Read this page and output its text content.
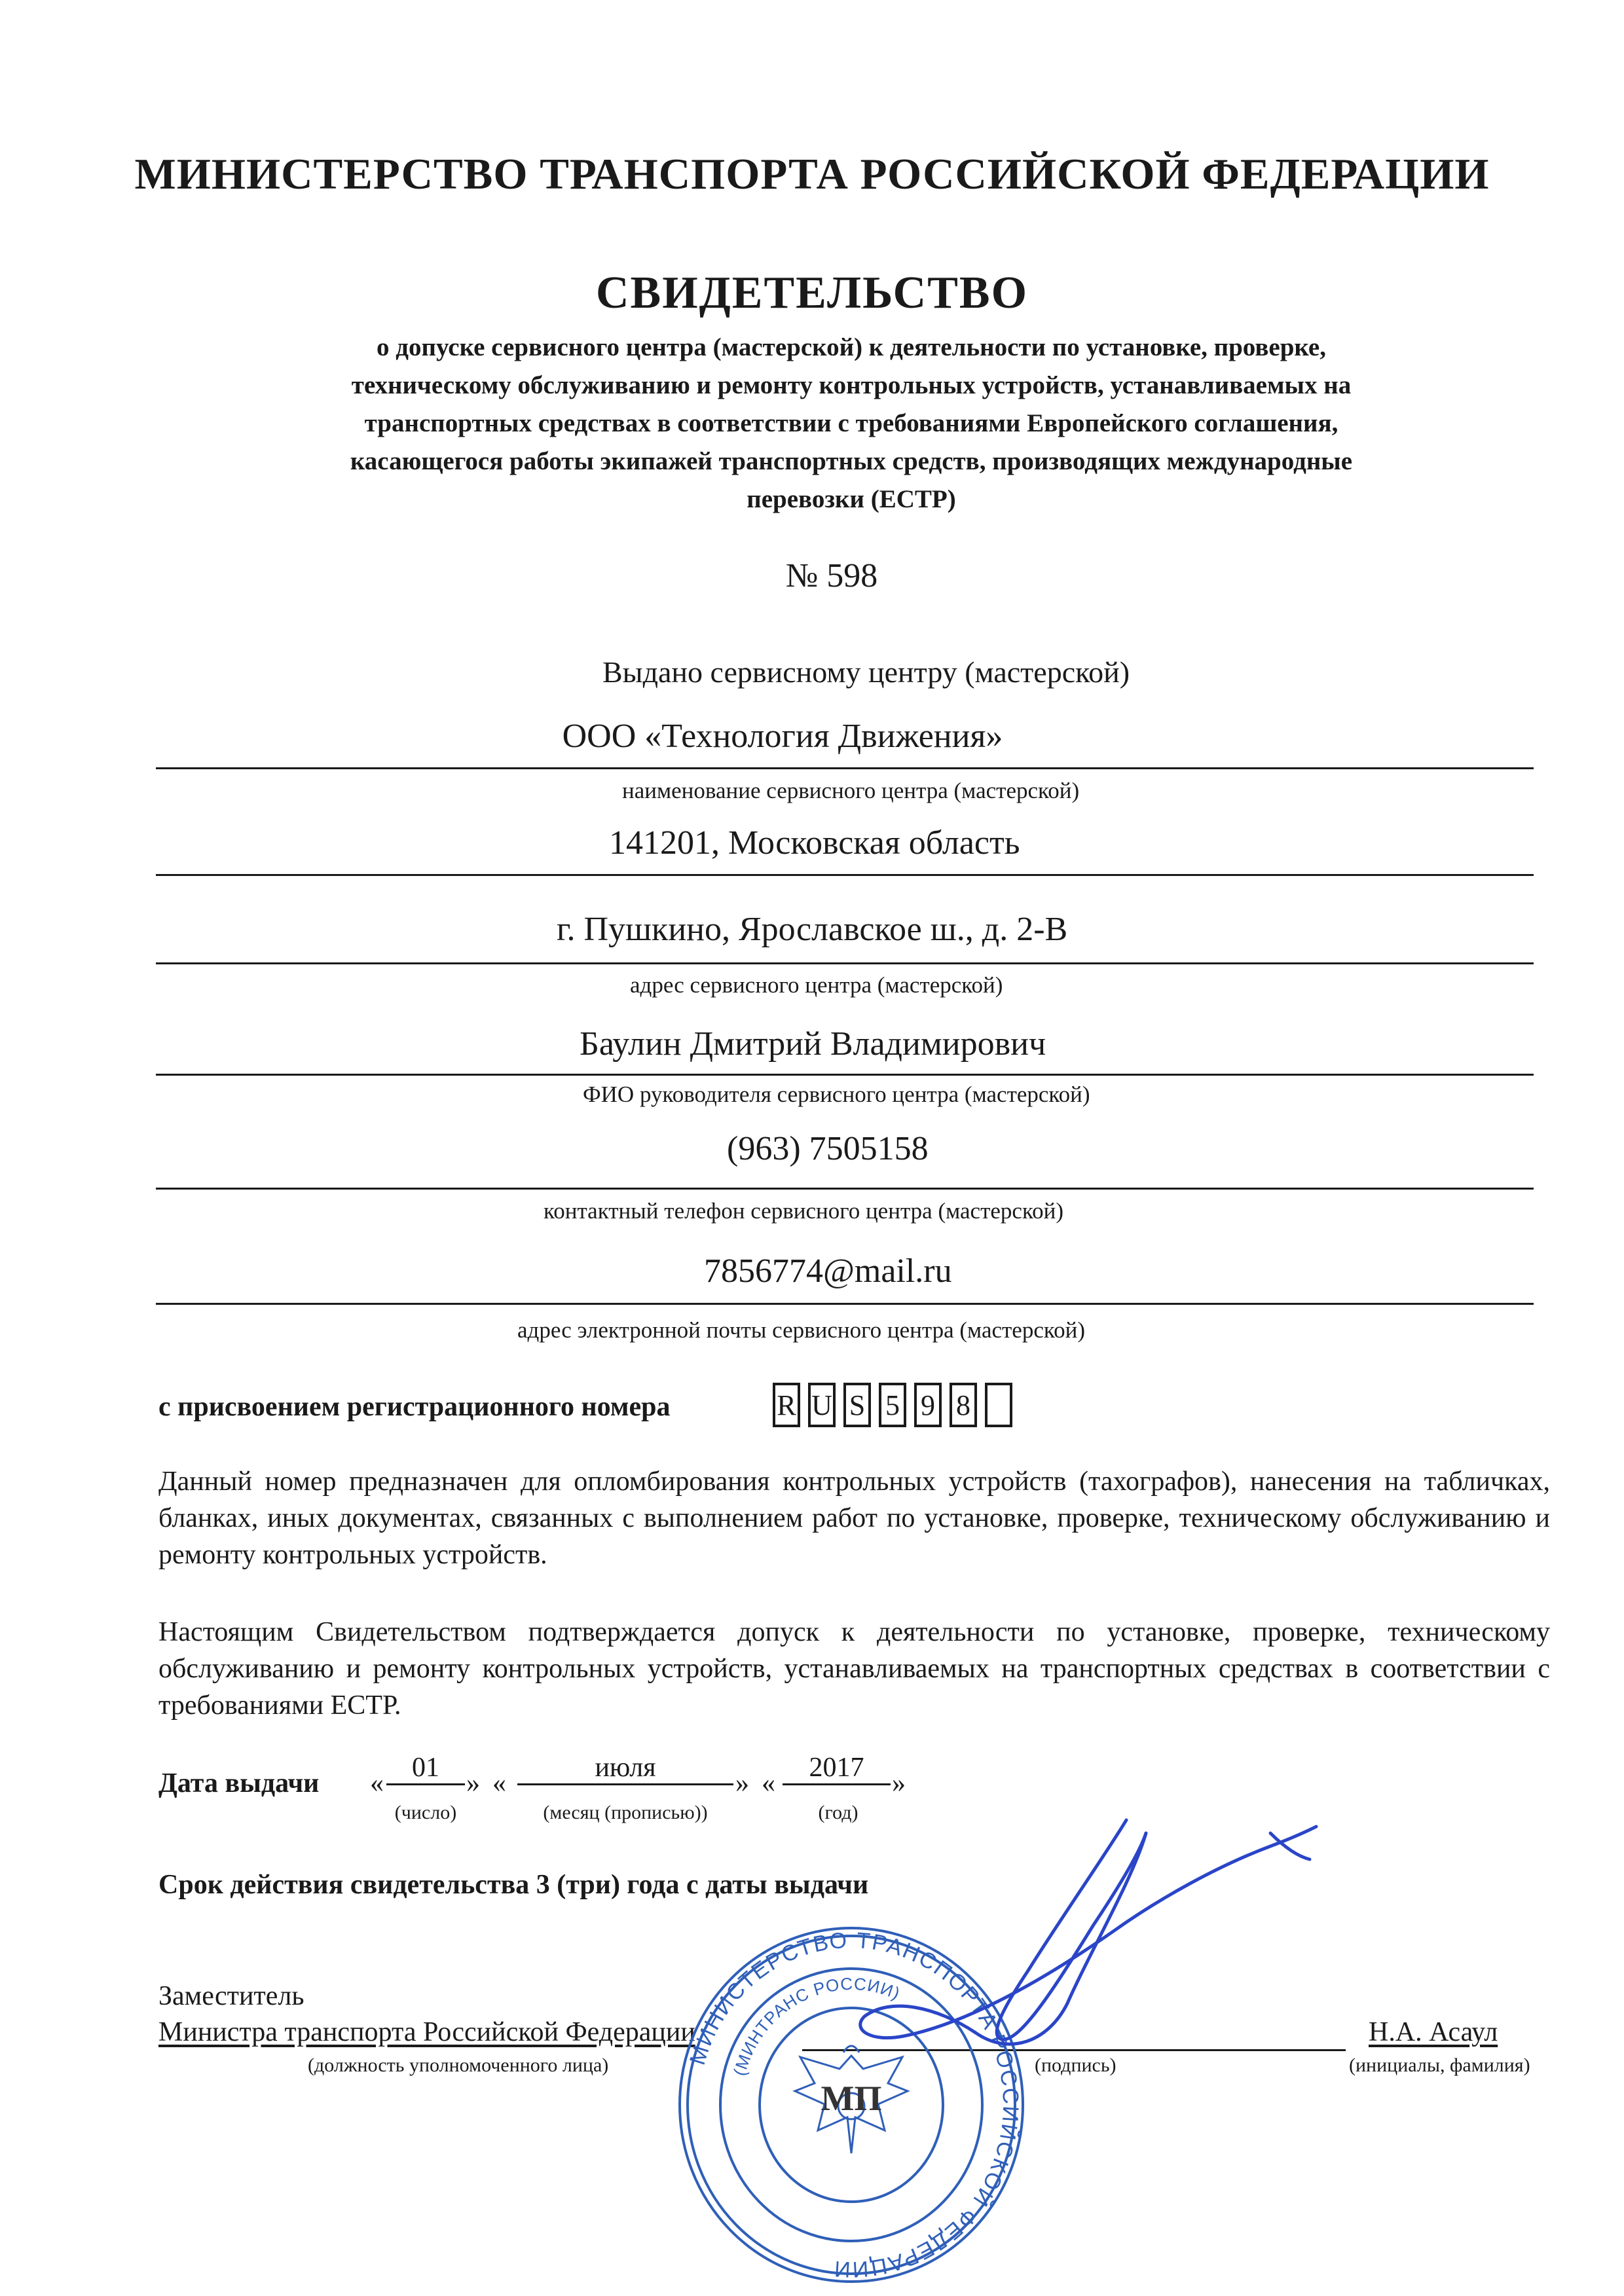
МИНИСТЕРСТВО ТРАНСПОРТА РОССИЙСКОЙ ФЕДЕРАЦИИ
СВИДЕТЕЛЬСТВО
о допуске сервисного центра (мастерской) к деятельности по установке, проверке,
техническому обслуживанию и ремонту контрольных устройств, устанавливаемых на
транспортных средствах в соответствии с требованиями Европейского соглашения,
касающегося работы экипажей транспортных средств, производящих международные
перевозки (ЕСТР)
№ 598
Выдано сервисному центру (мастерской)
ООО «Технология Движения»
наименование сервисного центра (мастерской)
141201, Московская область
г. Пушкино, Ярославское ш., д. 2-В
адрес сервисного центра (мастерской)
Баулин Дмитрий Владимирович
ФИО руководителя сервисного центра (мастерской)
(963) 7505158
контактный телефон сервисного центра (мастерской)
7856774@mail.ru
адрес электронной почты сервисного центра (мастерской)
с присвоением регистрационного номера	R U S 5 9 8
Данный номер предназначен для опломбирования контрольных устройств (тахографов), нанесения на табличках, бланках, иных документах, связанных с выполнением работ по установке, проверке, техническому обслуживанию и ремонту контрольных устройств.
Настоящим Свидетельством подтверждается допуск к деятельности по установке, проверке, техническому обслуживанию и ремонту контрольных устройств, устанавливаемых на транспортных средствах в соответствии с требованиями ЕСТР.
Дата выдачи «
01
» «
июля
» «
2017
»
(число)	(месяц (прописью))	(год)
Срок действия свидетельства 3 (три) года с даты выдачи
Заместитель
Министра транспорта Российской Федерации	Н.А. Асаул
(должность уполномоченного лица)	(подпись)	(инициалы, фамилия)
МИНИСТЕРСТВО ТРАНСПОРТА РОССИЙСКОЙ ФЕДЕРАЦИИ
(МИНТРАНС РОССИИ)
МП
